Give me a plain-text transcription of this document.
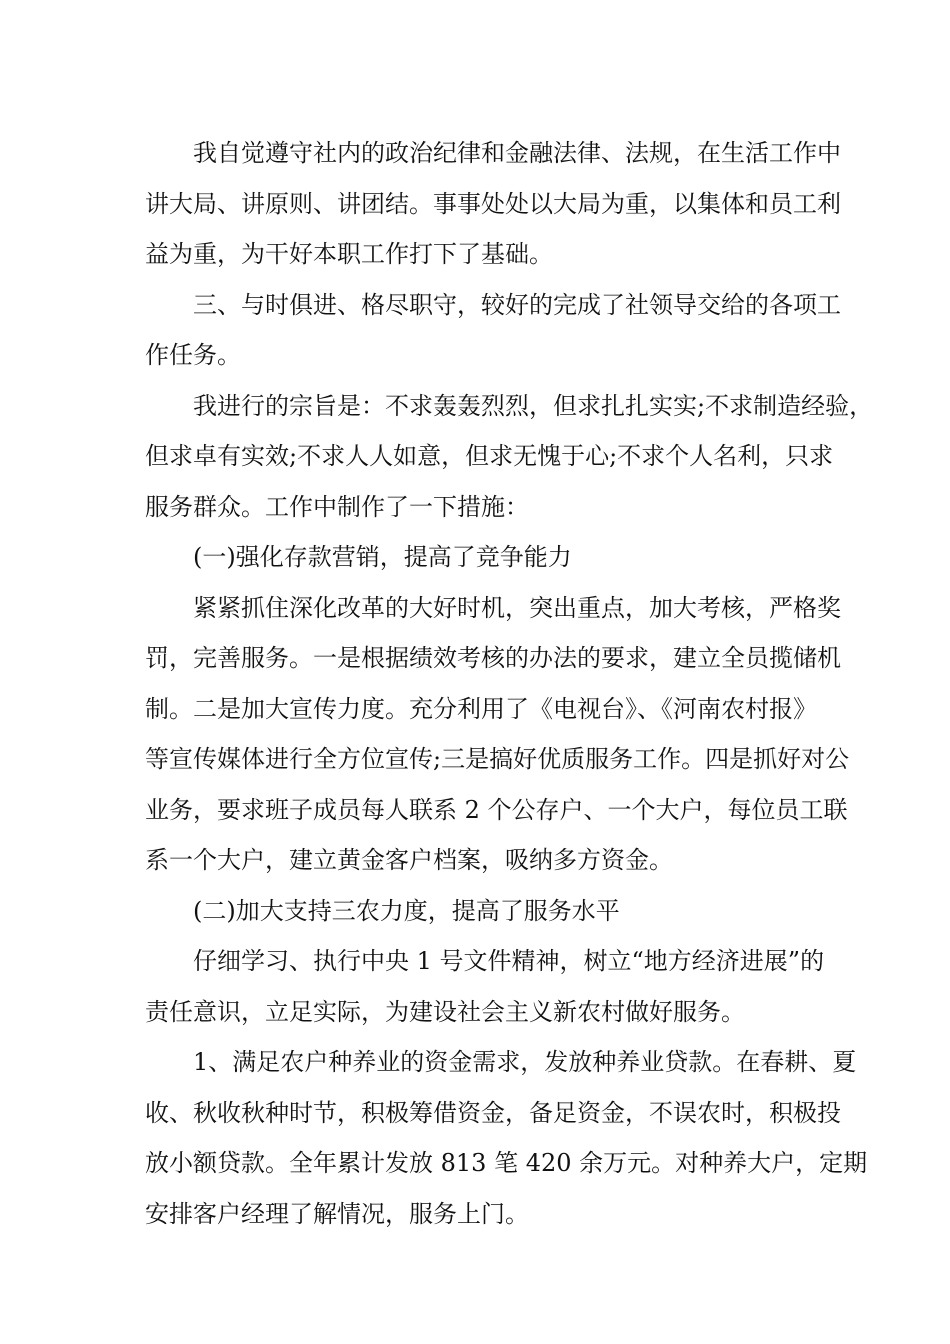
我自觉遵守社内的政治纪律和金融法律、法规，在生活工作中
讲大局、讲原则、讲团结。事事处处以大局为重，以集体和员工利
益为重，为干好本职工作打下了基础。

三、与时俱进、格尽职守，较好的完成了社领导交给的各项工
作任务。

我进行的宗旨是：不求轰轰烈烈，但求扎扎实实;不求制造经验，
但求卓有实效;不求人人如意，但求无愧于心;不求个人名利，只求
服务群众。工作中制作了一下措施：

(一)强化存款营销，提高了竞争能力

紧紧抓住深化改革的大好时机，突出重点，加大考核，严格奖
罚，完善服务。一是根据绩效考核的办法的要求，建立全员揽储机
制。二是加大宣传力度。充分利用了《电视台》、《河南农村报》
等宣传媒体进行全方位宣传;三是搞好优质服务工作。四是抓好对公
业务，要求班子成员每人联系 2 个公存户、一个大户，每位员工联
系一个大户，建立黄金客户档案，吸纳多方资金。

(二)加大支持三农力度，提高了服务水平

仔细学习、执行中央 1 号文件精神，树立“地方经济进展”的
责任意识，立足实际，为建设社会主义新农村做好服务。

1、满足农户种养业的资金需求，发放种养业贷款。在春耕、夏
收、秋收秋种时节，积极筹借资金，备足资金，不误农时，积极投
放小额贷款。全年累计发放 813 笔 420 余万元。对种养大户，定期
安排客户经理了解情况，服务上门。
